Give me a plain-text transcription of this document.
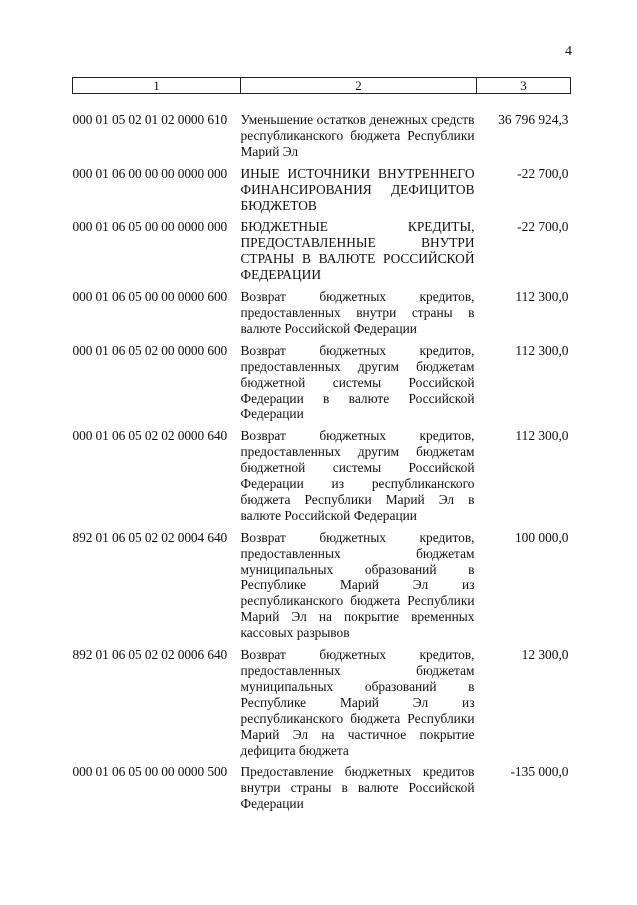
4
1	2	3

000 01 05 02 01 02 0000 610	Уменьшение остатков денежных средств республиканского бюджета Республики Марий Эл	36 796 924,3
000 01 06 00 00 00 0000 000	ИНЫЕ ИСТОЧНИКИ ВНУТРЕННЕГО ФИНАНСИРОВАНИЯ ДЕФИЦИТОВ БЮДЖЕТОВ	-22 700,0
000 01 06 05 00 00 0000 000	БЮДЖЕТНЫЕ КРЕДИТЫ, ПРЕДОСТАВЛЕННЫЕ ВНУТРИ СТРАНЫ В ВАЛЮТЕ РОССИЙСКОЙ ФЕДЕРАЦИИ	-22 700,0
000 01 06 05 00 00 0000 600	Возврат бюджетных кредитов, предоставленных внутри страны в валюте Российской Федерации	112 300,0
000 01 06 05 02 00 0000 600	Возврат бюджетных кредитов, предоставленных другим бюджетам бюджетной системы Российской Федерации в валюте Российской Федерации	112 300,0
000 01 06 05 02 02 0000 640	Возврат бюджетных кредитов, предоставленных другим бюджетам бюджетной системы Российской Федерации из республиканского бюджета Республики Марий Эл в валюте Российской Федерации	112 300,0
892 01 06 05 02 02 0004 640	Возврат бюджетных кредитов, предоставленных бюджетам муниципальных образований в Республике Марий Эл из республиканского бюджета Республики Марий Эл на покрытие временных кассовых разрывов	100 000,0
892 01 06 05 02 02 0006 640	Возврат бюджетных кредитов, предоставленных бюджетам муниципальных образований в Республике Марий Эл из республиканского бюджета Республики Марий Эл на частичное покрытие дефицита бюджета	12 300,0
000 01 06 05 00 00 0000 500	Предоставление бюджетных кредитов внутри страны в валюте Российской Федерации	-135 000,0
